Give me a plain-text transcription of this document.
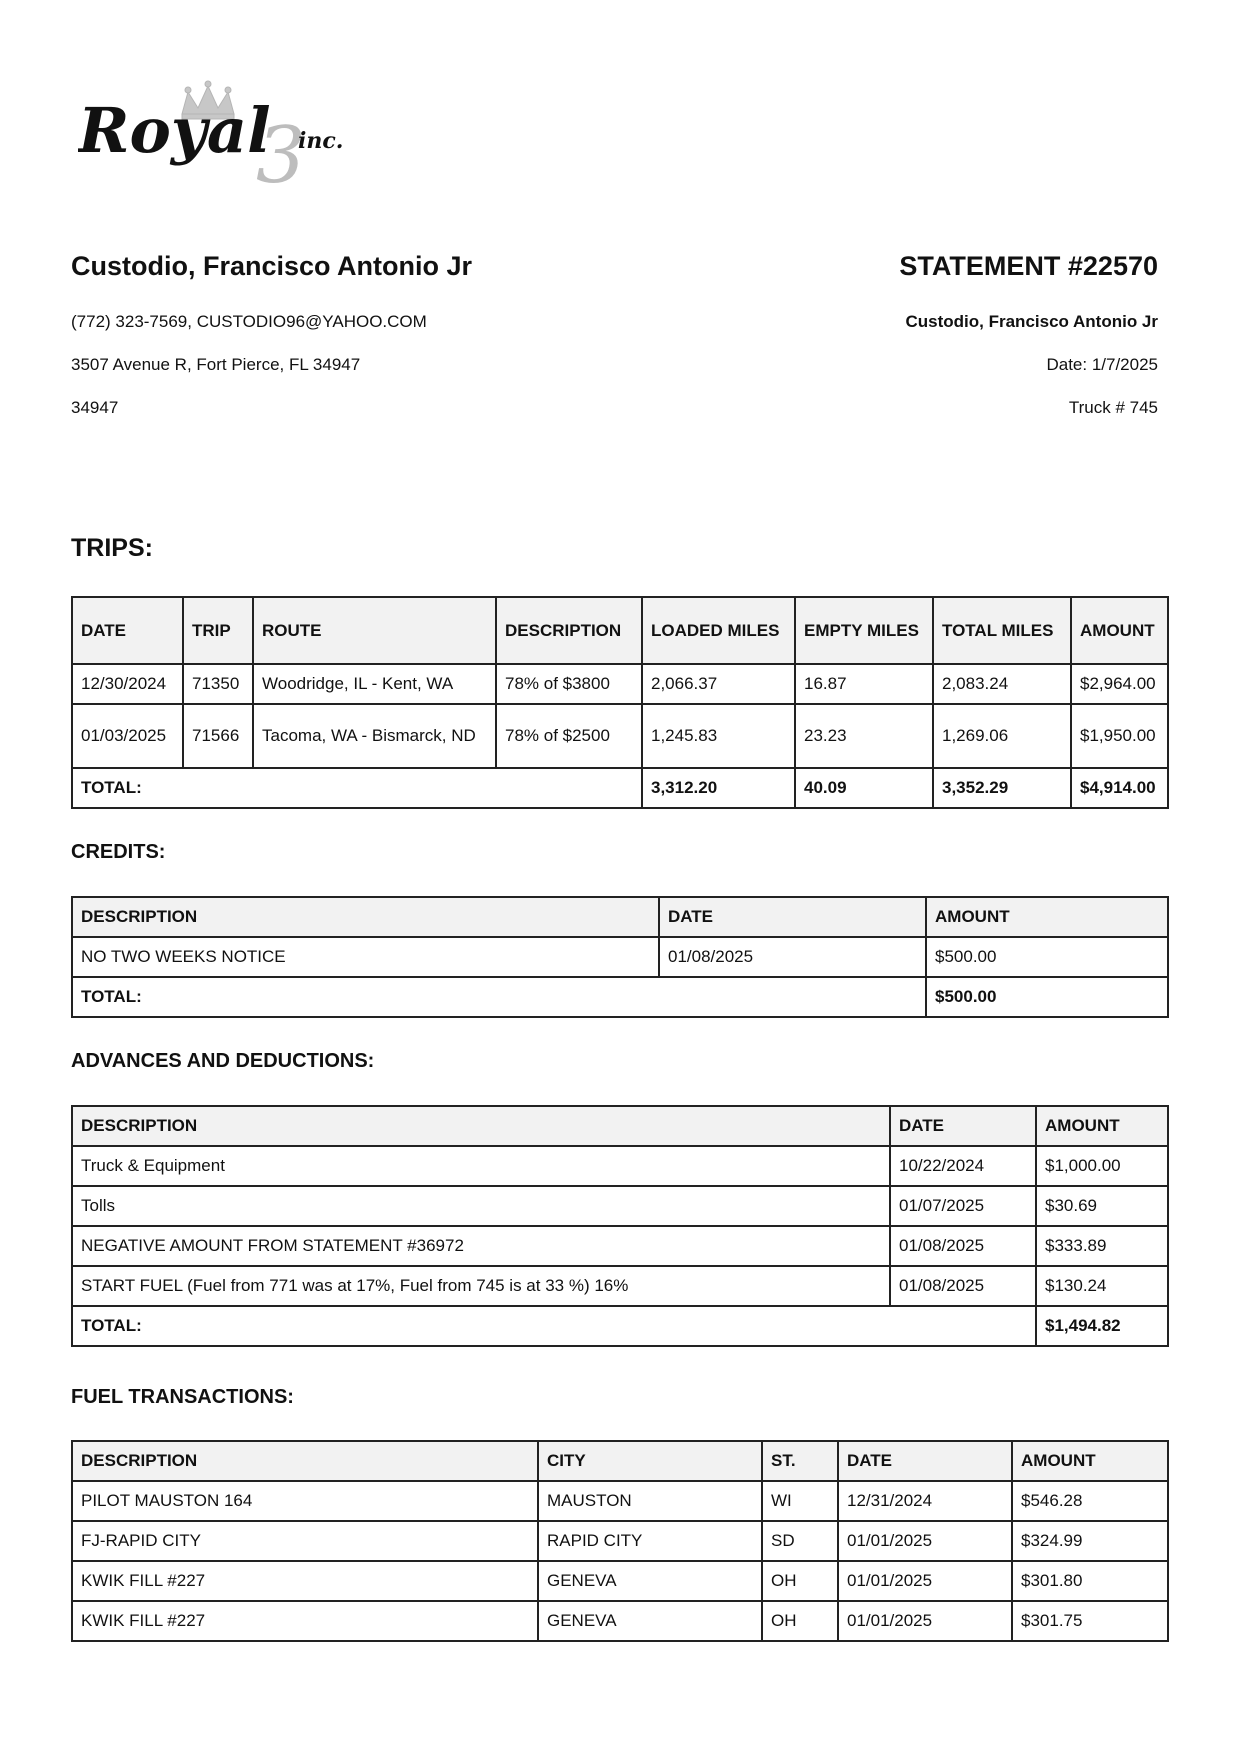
3
Royal inc.
Custodio, Francisco Antonio Jr
(772) 323-7569, CUSTODIO96@YAHOO.COM
3507 Avenue R, Fort Pierce, FL 34947
34947
STATEMENT #22570
Custodio, Francisco Antonio Jr
Date: 1/7/2025
Truck # 745
TRIPS:
DATE	TRIP	ROUTE	DESCRIPTION	LOADED MILES	EMPTY MILES	TOTAL MILES	AMOUNT
12/30/2024	71350	Woodridge, IL - Kent, WA	78% of $3800	2,066.37	16.87	2,083.24	$2,964.00
01/03/2025	71566	Tacoma, WA - Bismarck, ND	78% of $2500	1,245.83	23.23	1,269.06	$1,950.00
TOTAL:				3,312.20	40.09	3,352.29	$4,914.00
CREDITS:
DESCRIPTION	DATE	AMOUNT
NO TWO WEEKS NOTICE	01/08/2025	$500.00
TOTAL:		$500.00
ADVANCES AND DEDUCTIONS:
DESCRIPTION	DATE	AMOUNT
Truck & Equipment	10/22/2024	$1,000.00
Tolls	01/07/2025	$30.69
NEGATIVE AMOUNT FROM STATEMENT #36972	01/08/2025	$333.89
START FUEL (Fuel from 771 was at 17%, Fuel from 745 is at 33 %) 16%	01/08/2025	$130.24
TOTAL:		$1,494.82
FUEL TRANSACTIONS:
DESCRIPTION	CITY	ST.	DATE	AMOUNT
PILOT MAUSTON 164	MAUSTON	WI	12/31/2024	$546.28
FJ-RAPID CITY	RAPID CITY	SD	01/01/2025	$324.99
KWIK FILL #227	GENEVA	OH	01/01/2025	$301.80
KWIK FILL #227	GENEVA	OH	01/01/2025	$301.75
